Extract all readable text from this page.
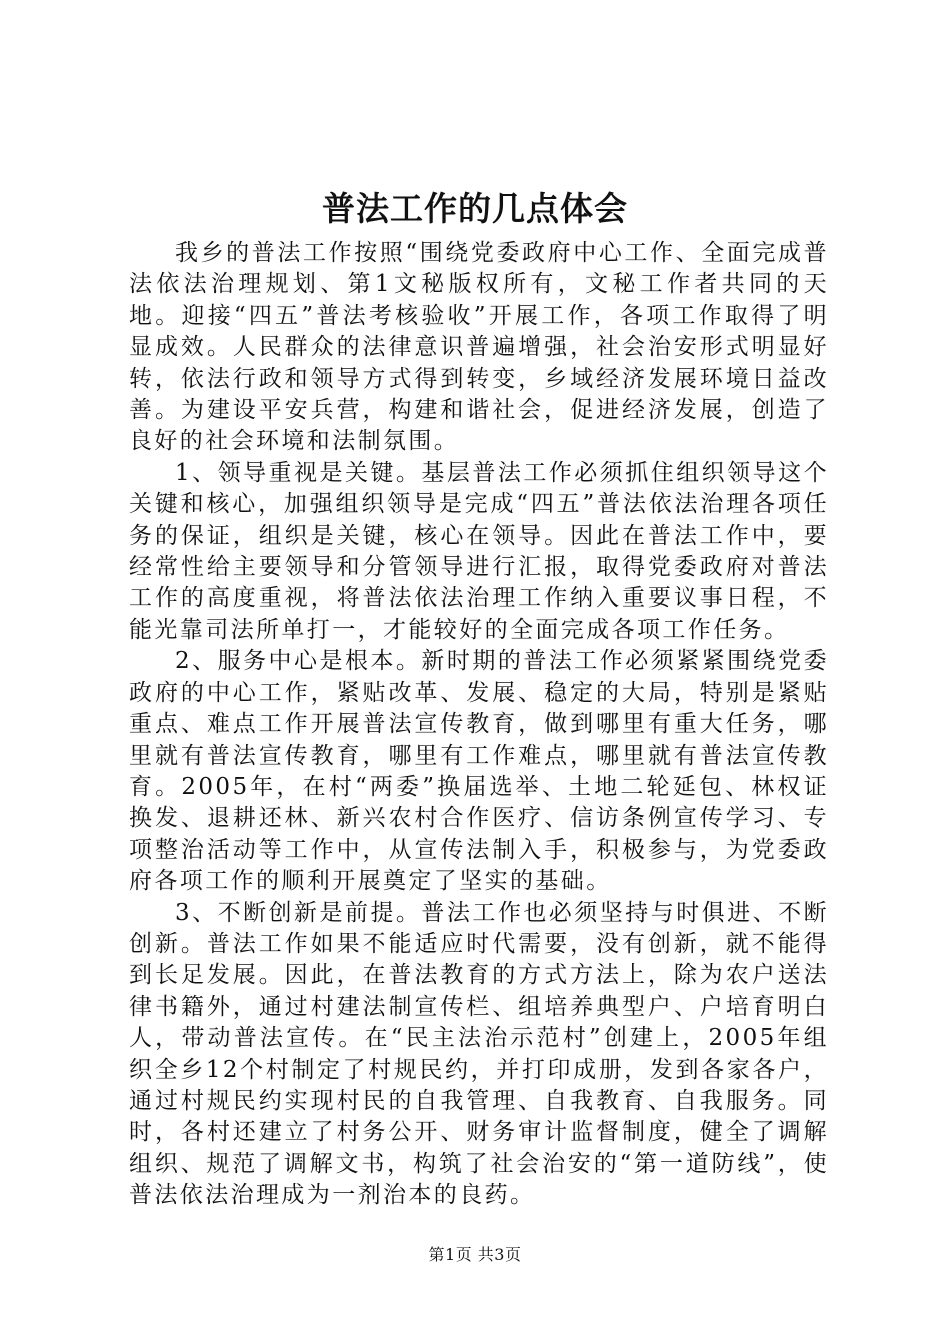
普法工作的几点体会

我乡的普法工作按照“围绕党委政府中心工作、全面完成普法依法治理规划、第1文秘版权所有，文秘工作者共同的天地。迎接“四五”普法考核验收”开展工作，各项工作取得了明显成效。人民群众的法律意识普遍增强，社会治安形式明显好转，依法行政和领导方式得到转变，乡域经济发展环境日益改善。为建设平安兵营，构建和谐社会，促进经济发展，创造了良好的社会环境和法制氛围。

1、领导重视是关键。基层普法工作必须抓住组织领导这个关键和核心，加强组织领导是完成“四五”普法依法治理各项任务的保证，组织是关键，核心在领导。因此在普法工作中，要经常性给主要领导和分管领导进行汇报，取得党委政府对普法工作的高度重视，将普法依法治理工作纳入重要议事日程，不能光靠司法所单打一，才能较好的全面完成各项工作任务。

2、服务中心是根本。新时期的普法工作必须紧紧围绕党委政府的中心工作，紧贴改革、发展、稳定的大局，特别是紧贴重点、难点工作开展普法宣传教育，做到哪里有重大任务，哪里就有普法宣传教育，哪里有工作难点，哪里就有普法宣传教育。2005年，在村“两委”换届选举、土地二轮延包、林权证换发、退耕还林、新兴农村合作医疗、信访条例宣传学习、专项整治活动等工作中，从宣传法制入手，积极参与，为党委政府各项工作的顺利开展奠定了坚实的基础。

3、不断创新是前提。普法工作也必须坚持与时俱进、不断创新。普法工作如果不能适应时代需要，没有创新，就不能得到长足发展。因此，在普法教育的方式方法上，除为农户送法律书籍外，通过村建法制宣传栏、组培养典型户、户培育明白人，带动普法宣传。在“民主法治示范村”创建上，2005年组织全乡12个村制定了村规民约，并打印成册，发到各家各户，通过村规民约实现村民的自我管理、自我教育、自我服务。同时，各村还建立了村务公开、财务审计监督制度，健全了调解组织、规范了调解文书，构筑了社会治安的“第一道防线”，使普法依法治理成为一剂治本的良药。

第1页 共3页
